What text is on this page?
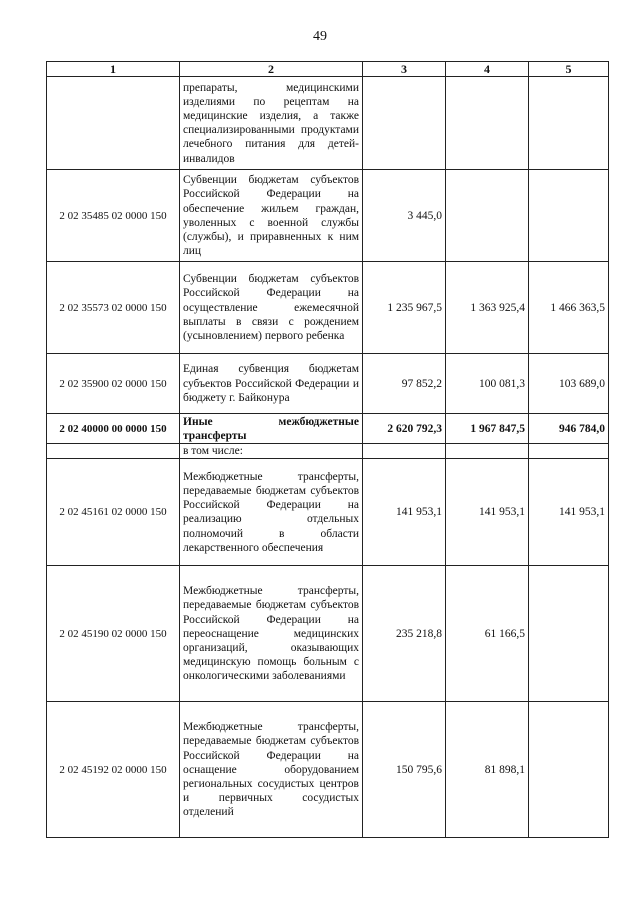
49
1	2	3	4	5
	препараты, медицинскими изделиями по рецептам на медицинские изделия, а также специализированными продуктами лечебного питания для детей-инвалидов			
2 02 35485 02 0000 150	Субвенции бюджетам субъектов Российской Федерации на обеспечение жильем граждан, уволенных с военной службы (службы), и приравненных к ним лиц	3 445,0		
2 02 35573 02 0000 150	Субвенции бюджетам субъектов Российской Федерации на осуществление ежемесячной выплаты в связи с рождением (усыновлением) первого ребенка	1 235 967,5	1 363 925,4	1 466 363,5
2 02 35900 02 0000 150	Единая субвенция бюджетам субъектов Российской Федерации и бюджету г. Байконура	97 852,2	100 081,3	103 689,0
2 02 40000 00 0000 150	Иные межбюджетные трансферты	2 620 792,3	1 967 847,5	946 784,0
	в том числе:			
2 02 45161 02 0000 150	Межбюджетные трансферты, передаваемые бюджетам субъектов Российской Федерации на реализацию отдельных полномочий в области лекарственного обеспечения	141 953,1	141 953,1	141 953,1
2 02 45190 02 0000 150	Межбюджетные трансферты, передаваемые бюджетам субъектов Российской Федерации на переоснащение медицинских организаций, оказывающих медицинскую помощь больным с онкологическими заболеваниями	235 218,8	61 166,5	
2 02 45192 02 0000 150	Межбюджетные трансферты, передаваемые бюджетам субъектов Российской Федерации на оснащение оборудованием региональных сосудистых центров и первичных сосудистых отделений	150 795,6	81 898,1	
